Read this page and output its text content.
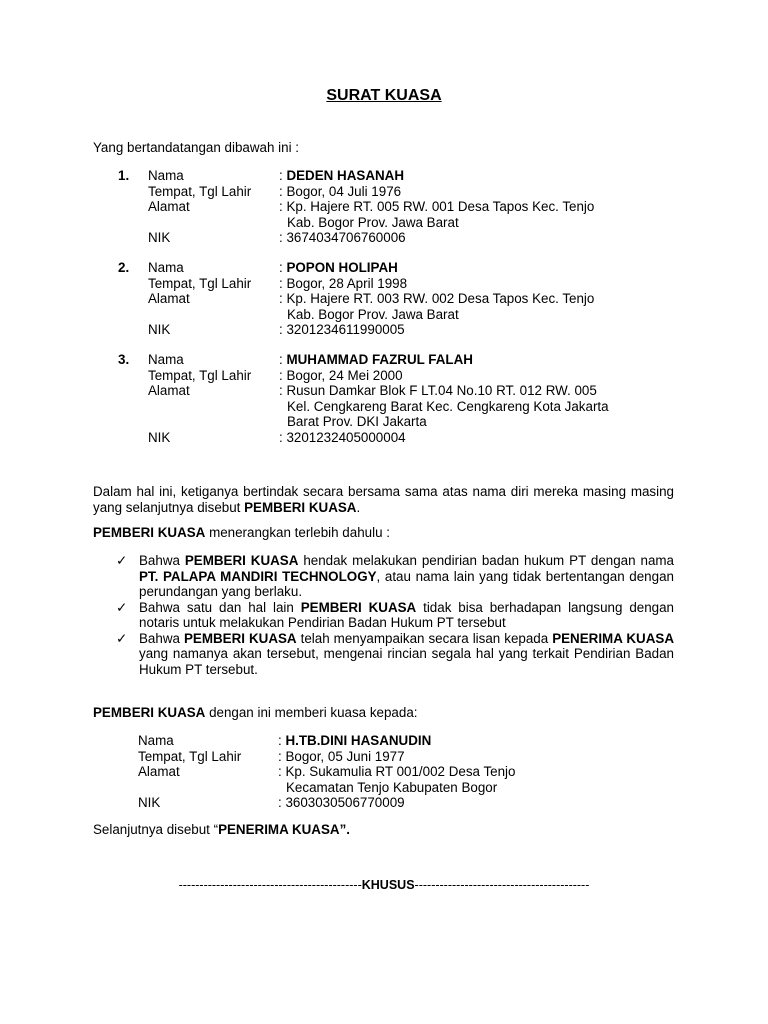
SURAT KUASA
Yang bertandatangan dibawah ini :
1. Nama	: DEDEN HASANAH
Tempat, Tgl Lahir : Bogor, 04 Juli 1976
Alamat	: Kp. Hajere RT. 005 RW. 001 Desa Tapos Kec. Tenjo
Kab. Bogor Prov. Jawa Barat
NIK	: 3674034706760006
2. Nama	: POPON HOLIPAH
Tempat, Tgl Lahir : Bogor, 28 April 1998
Alamat	: Kp. Hajere RT. 003 RW. 002 Desa Tapos Kec. Tenjo
Kab. Bogor Prov. Jawa Barat
NIK	: 3201234611990005
3. Nama	: MUHAMMAD FAZRUL FALAH
Tempat, Tgl Lahir : Bogor, 24 Mei 2000
Alamat	: Rusun Damkar Blok F LT.04 No.10 RT. 012 RW. 005
Kel. Cengkareng Barat Kec. Cengkareng Kota Jakarta
Barat Prov. DKI Jakarta
NIK	: 3201232405000004
Dalam hal ini, ketiganya bertindak secara bersama sama atas nama diri mereka masing masing yang selanjutnya disebut PEMBERI KUASA.
PEMBERI KUASA menerangkan terlebih dahulu :
✓ Bahwa PEMBERI KUASA hendak melakukan pendirian badan hukum PT dengan nama PT. PALAPA MANDIRI TECHNOLOGY, atau nama lain yang tidak bertentangan dengan perundangan yang berlaku.
✓ Bahwa satu dan hal lain PEMBERI KUASA tidak bisa berhadapan langsung dengan notaris untuk melakukan Pendirian Badan Hukum PT tersebut
✓ Bahwa PEMBERI KUASA telah menyampaikan secara lisan kepada PENERIMA KUASA yang namanya akan tersebut, mengenai rincian segala hal yang terkait Pendirian Badan Hukum PT tersebut.
PEMBERI KUASA dengan ini memberi kuasa kepada:
Nama	: H.TB.DINI HASANUDIN
Tempat, Tgl Lahir	: Bogor, 05 Juni 1977
Alamat	: Kp. Sukamulia RT 001/002 Desa Tenjo
Kecamatan Tenjo Kabupaten Bogor
NIK	: 3603030506770009
Selanjutnya disebut “PENERIMA KUASA”.
--------------------------------------------KHUSUS------------------------------------------
